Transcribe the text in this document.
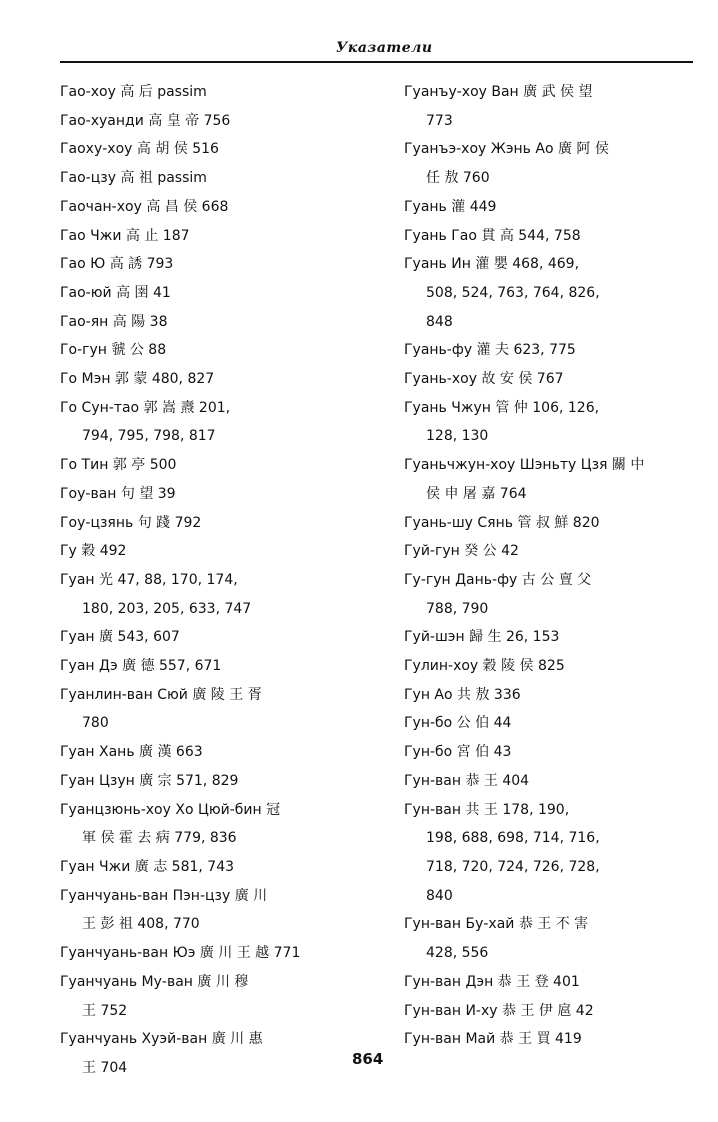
Указатели
Гао-хоу 高 后 passim
Гао-хуанди 高 皇 帝 756
Гаоху-хоу 高 胡 侯 516
Гао-цзу 高 祖 passim
Гаочан-хоу 高 昌 侯 668
Гао Чжи 高 止 187
Гао Ю 高 誘 793
Гао-юй 高 圉 41
Гао-ян 高 陽 38
Го-гун 虢 公 88
Го Мэн 郭 蒙 480, 827
Го Сун-тао 郭 嵩 燾 201,
794, 795, 798, 817
Го Тин 郭 亭 500
Гоу-ван 句 望 39
Гоу-цзянь 句 踐 792
Гу 穀 492
Гуан 光 47, 88, 170, 174,
180, 203, 205, 633, 747
Гуан 廣 543, 607
Гуан Дэ 廣 德 557, 671
Гуанлин-ван Сюй 廣 陵 王 胥
780
Гуан Хань 廣 漢 663
Гуан Цзун 廣 宗 571, 829
Гуанцзюнь-хоу Хо Цюй-бин 冠
軍 侯 霍 去 病 779, 836
Гуан Чжи 廣 志 581, 743
Гуанчуань-ван Пэн-цзу 廣 川
王 彭 祖 408, 770
Гуанчуань-ван Юэ 廣 川 王 越 771
Гуанчуань Му-ван 廣 川 穆
王 752
Гуанчуань Хуэй-ван 廣 川 惠
王 704
Гуанъу-хоу Ван 廣 武 侯 望
773
Гуанъэ-хоу Жэнь Ао 廣 阿 侯
任 敖 760
Гуань 灌 449
Гуань Гао 貫 高 544, 758
Гуань Ин 灌 嬰 468, 469,
508, 524, 763, 764, 826,
848
Гуань-фу 灌 夫 623, 775
Гуань-хоу 故 安 侯 767
Гуань Чжун 管 仲 106, 126,
128, 130
Гуаньчжун-хоу Шэньту Цзя 關 中
侯 申 屠 嘉 764
Гуань-шу Сянь 管 叔 鮮 820
Гуй-гун 癸 公 42
Гу-гун Дань-фу 古 公 亶 父
788, 790
Гуй-шэн 歸 生 26, 153
Гулин-хоу 穀 陵 侯 825
Гун Ао 共 敖 336
Гун-бо 公 伯 44
Гун-бо 宮 伯 43
Гун-ван 恭 王 404
Гун-ван 共 王 178, 190,
198, 688, 698, 714, 716,
718, 720, 724, 726, 728,
840
Гун-ван Бу-хай 恭 王 不 害
428, 556
Гун-ван Дэн 恭 王 登 401
Гун-ван И-ху 恭 王 伊 扈 42
Гун-ван Май 恭 王 買 419
864
